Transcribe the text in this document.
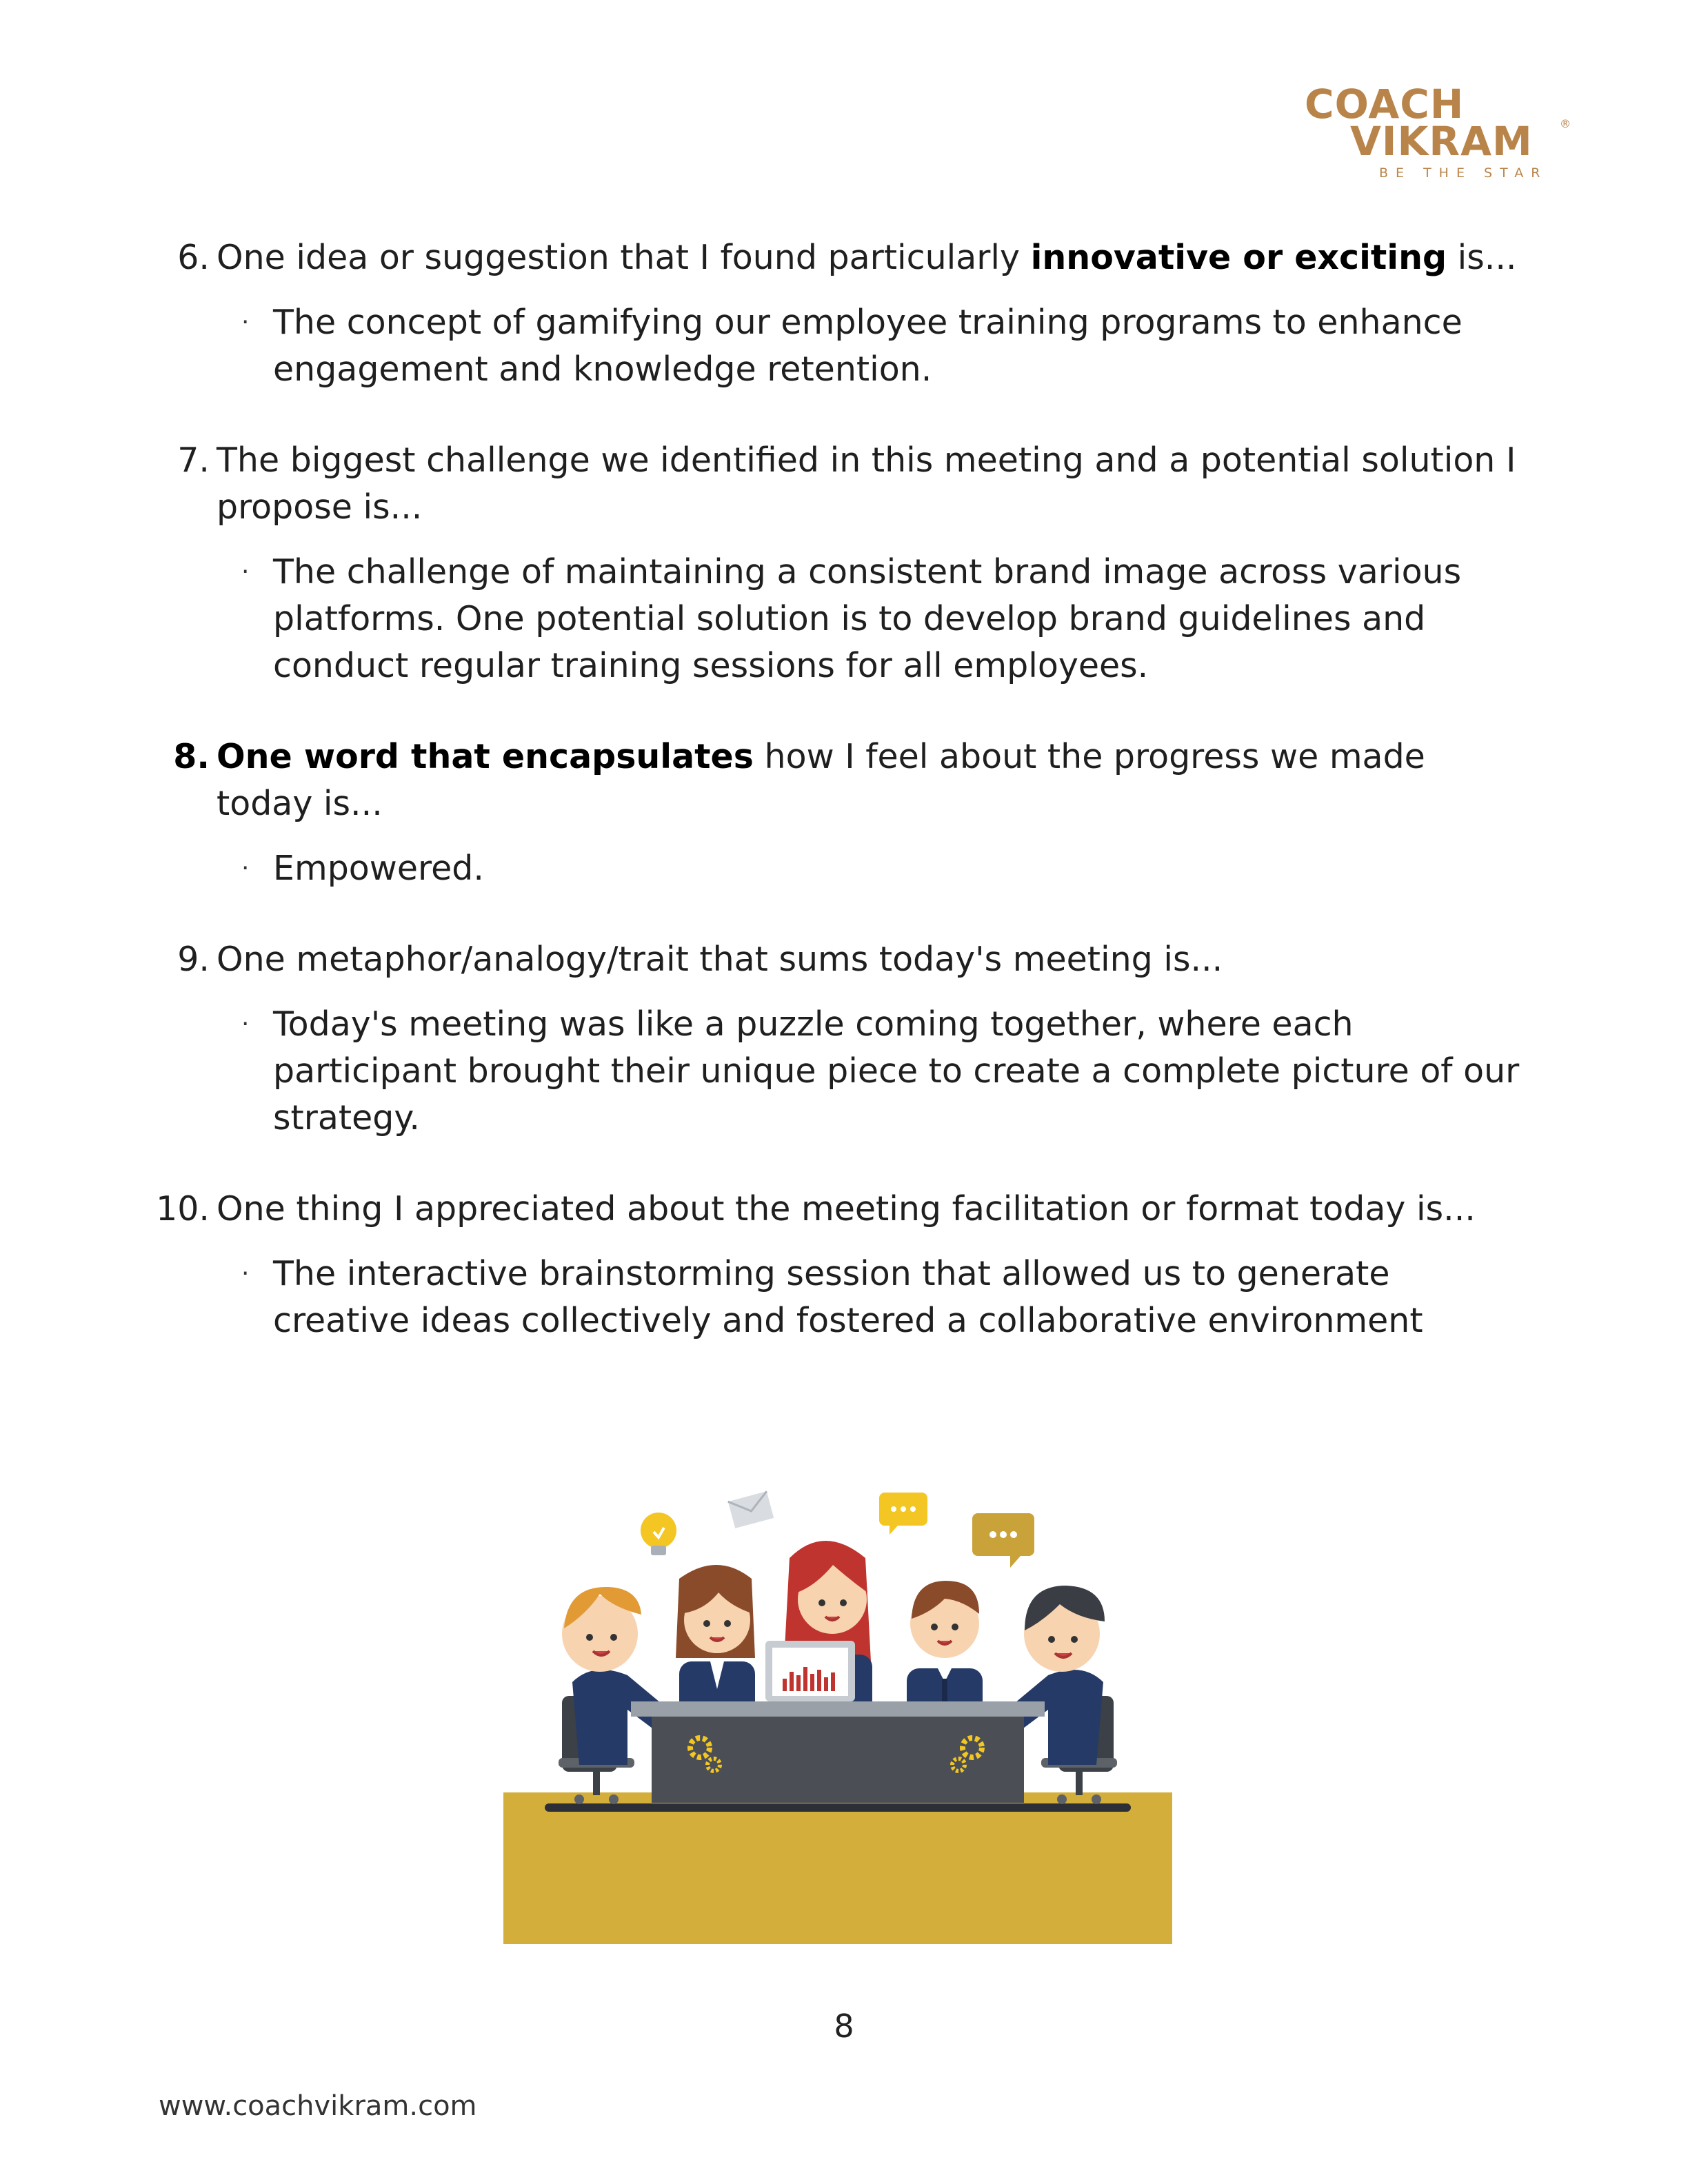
COACH
VIKRAM ®
BE THE STAR
6. One idea or suggestion that I found particularly innovative or exciting is...

· The concept of gamifying our employee training programs to enhance engagement and knowledge retention.

7. The biggest challenge we identified in this meeting and a potential solution I propose is...

· The challenge of maintaining a consistent brand image across various platforms. One potential solution is to develop brand guidelines and conduct regular training sessions for all employees.

8. One word that encapsulates how I feel about the progress we made today is...

· Empowered.

9. One metaphor/analogy/trait that sums today's meeting is...

· Today's meeting was like a puzzle coming together, where each participant brought their unique piece to create a complete picture of our strategy.

10. One thing I appreciated about the meeting facilitation or format today is...

· The interactive brainstorming session that allowed us to generate creative ideas collectively and fostered a collaborative environment

8
www.coachvikram.com
